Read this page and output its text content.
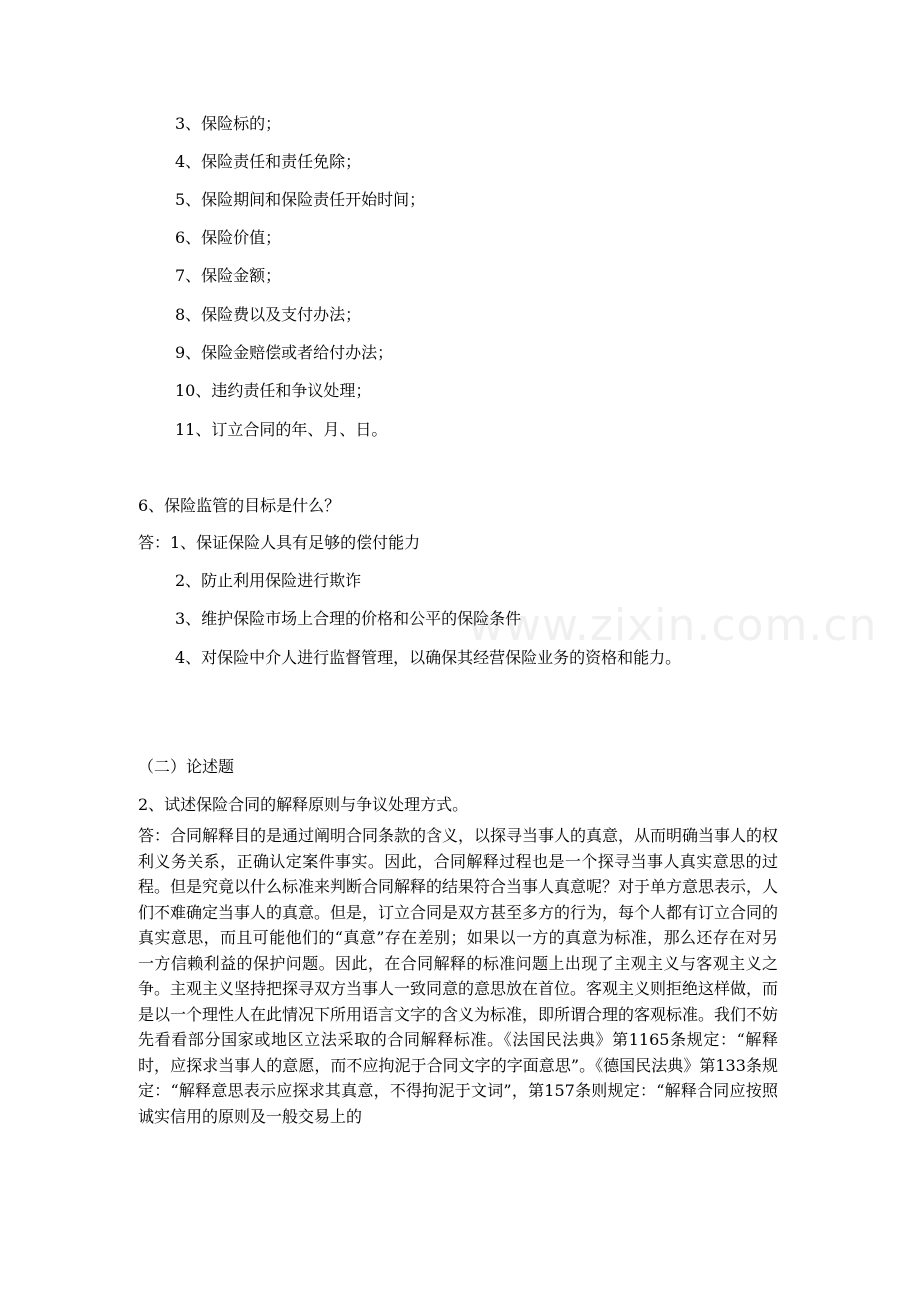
www.zixin.com.cn
3、保险标的；
4、保险责任和责任免除；
5、保险期间和保险责任开始时间；
6、保险价值；
7、保险金额；
8、保险费以及支付办法；
9、保险金赔偿或者给付办法；
10、违约责任和争议处理；
11、订立合同的年、月、日。
6、保险监管的目标是什么？
答：1、保证保险人具有足够的偿付能力
2、防止利用保险进行欺诈
3、维护保险市场上合理的价格和公平的保险条件
4、对保险中介人进行监督管理，以确保其经营保险业务的资格和能力。
（二）论述题
2、试述保险合同的解释原则与争议处理方式。
答：合同解释目的是通过阐明合同条款的含义，以探寻当事人的真意，从而明确当事人的权利义务关系，正确认定案件事实。因此，合同解释过程也是一个探寻当事人真实意思的过程。但是究竟以什么标准来判断合同解释的结果符合当事人真意呢？对于单方意思表示，人们不难确定当事人的真意。但是，订立合同是双方甚至多方的行为，每个人都有订立合同的真实意思，而且可能他们的“真意”存在差别；如果以一方的真意为标准，那么还存在对另一方信赖利益的保护问题。因此，在合同解释的标准问题上出现了主观主义与客观主义之争。主观主义坚持把探寻双方当事人一致同意的意思放在首位。客观主义则拒绝这样做，而是以一个理性人在此情况下所用语言文字的含义为标准，即所谓合理的客观标准。我们不妨先看看部分国家或地区立法采取的合同解释标准。《法国民法典》第1165条规定：“解释时，应探求当事人的意愿，而不应拘泥于合同文字的字面意思”。《德国民法典》第133条规定：“解释意思表示应探求其真意，不得拘泥于文词”，第157条则规定：“解释合同应按照诚实信用的原则及一般交易上的
